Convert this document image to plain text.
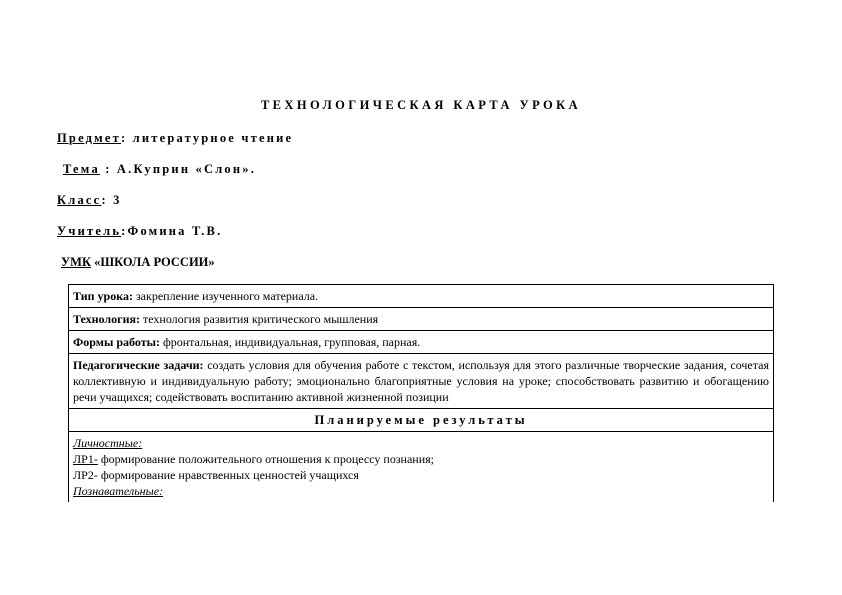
ТЕХНОЛОГИЧЕСКАЯ КАРТА УРОКА
Предмет: литературное чтение
Тема : А.Куприн «Слон».
Класс: 3
Учитель:Фомина Т.В.
УМК «ШКОЛА РОССИИ»
Тип урока: закрепление изученного материала.
Технология: технология развития критического мышления
Формы работы: фронтальная, индивидуальная, групповая, парная.
Педагогические задачи: создать условия для обучения работе с текстом, используя для этого различные творческие задания, сочетая коллективную и индивидуальную работу; эмоционально благоприятные условия на уроке; способствовать развитию и обогащению речи учащихся; содействовать воспитанию активной жизненной позиции
Планируемые результаты

Личностные:
ЛР1- формирование положительного отношения к процессу познания;
ЛР2- формирование нравственных ценностей учащихся
Познавательные:
